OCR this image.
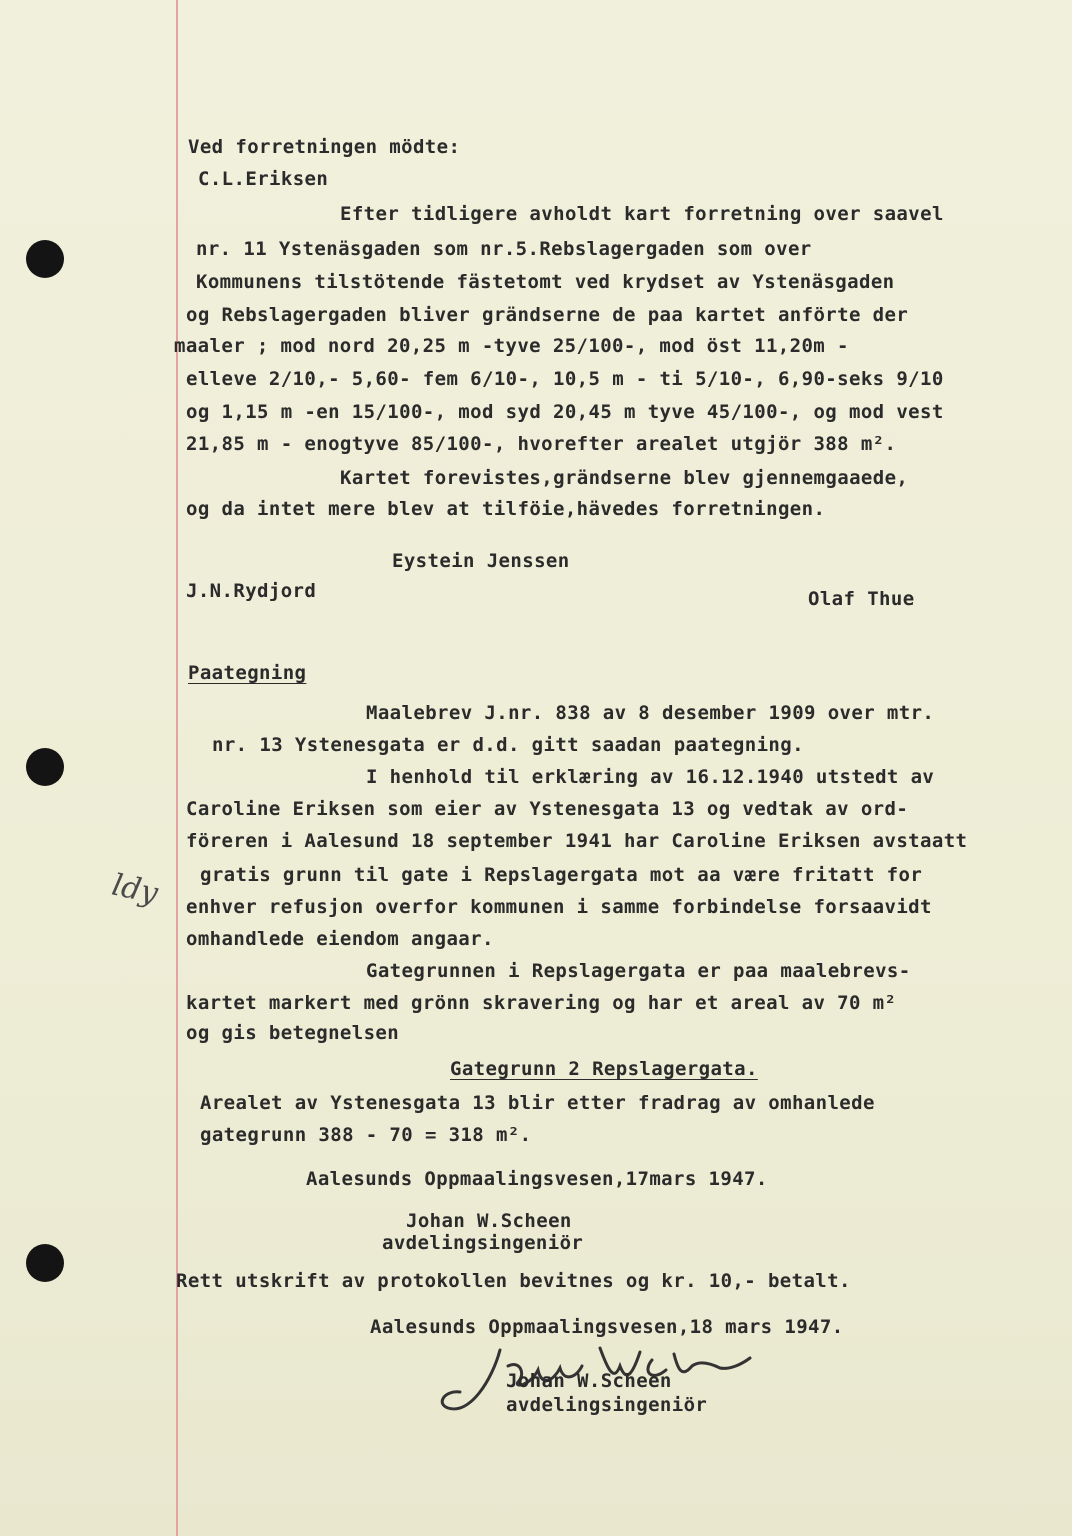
Ved forretningen mödte:
C.L.Eriksen
Efter tidligere avholdt kart forretning over saavel
nr. 11 Ystenäsgaden som nr.5.Rebslagergaden som over
Kommunens tilstötende fästetomt ved krydset av Ystenäsgaden
og Rebslagergaden bliver grändserne de paa kartet anförte der
maaler ; mod nord 20,25 m -tyve 25/100-, mod öst 11,20m -
elleve 2/10,- 5,60- fem 6/10-, 10,5 m - ti 5/10-, 6,90-seks 9/10
og 1,15 m -en 15/100-, mod syd 20,45 m tyve 45/100-, og mod vest
21,85 m - enogtyve 85/100-, hvorefter arealet utgjör 388 m².
Kartet forevistes,grändserne blev gjennemgaaede,
og da intet mere blev at tilföie,hävedes forretningen.
Eystein Jenssen
J.N.Rydjord	Olaf Thue
Paategning
Maalebrev J.nr. 838 av 8 desember 1909 over mtr.
nr. 13 Ystenesgata er d.d. gitt saadan paategning.
I henhold til erklæring av 16.12.1940 utstedt av
Caroline Eriksen som eier av Ystenesgata 13 og vedtak av ord-
föreren i Aalesund 18 september 1941 har Caroline Eriksen avstaatt
gratis grunn til gate i Repslagergata mot aa være fritatt for
enhver refusjon overfor kommunen i samme forbindelse forsaavidt
omhandlede eiendom angaar.
Gategrunnen i Repslagergata er paa maalebrevs-
kartet markert med grönn skravering og har et areal av 70 m²
og gis betegnelsen
Gategrunn 2 Repslagergata.
Arealet av Ystenesgata 13 blir etter fradrag av omhanlede
gategrunn 388 - 70 = 318 m².
Aalesunds Oppmaalingsvesen,17mars 1947.
Johan W.Scheen
avdelingsingeniör
Rett utskrift av protokollen bevitnes og kr. 10,- betalt.
Aalesunds Oppmaalingsvesen,18 mars 1947.
Johan W.Scheen
avdelingsingeniör
ldy
